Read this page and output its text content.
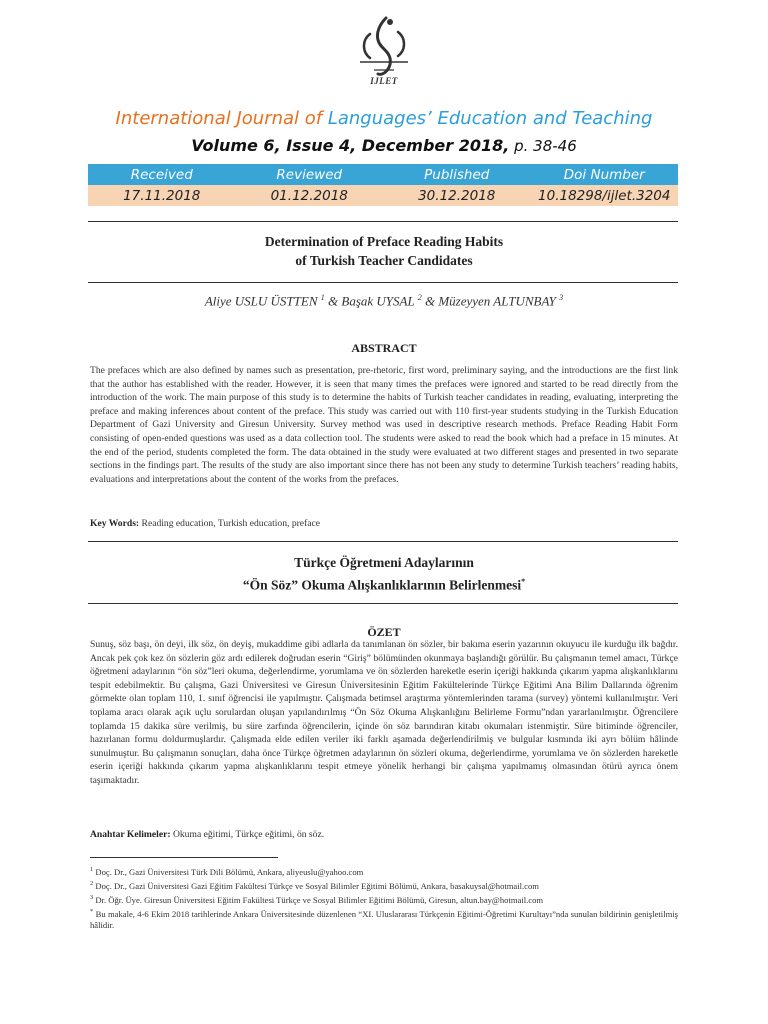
IJLET
International Journal of Languages’ Education and Teaching
Volume 6, Issue 4, December 2018, p. 38-46
Received	Reviewed	Published	Doi Number
17.11.2018	01.12.2018	30.12.2018	10.18298/ijlet.3204
Determination of Preface Reading Habits
of Turkish Teacher Candidates
Aliye USLU ÜSTTEN $^1$ & Başak UYSAL $^2$ & Müzeyyen ALTUNBAY $^3$
ABSTRACT
The prefaces which are also defined by names such as presentation, pre-rhetoric, first word, preliminary saying, and the introductions are the first link that the author has established with the reader. However, it is seen that many times the prefaces were ignored and started to be read directly from the introduction of the work. The main purpose of this study is to determine the habits of Turkish teacher candidates in reading, evaluating, interpreting the preface and making inferences about content of the preface. This study was carried out with 110 first-year students studying in the Turkish Education Department of Gazi University and Giresun University. Survey method was used in descriptive research methods. Preface Reading Habit Form consisting of open-ended questions was used as a data collection tool. The students were asked to read the book which had a preface in 15 minutes. At the end of the period, students completed the form. The data obtained in the study were evaluated at two different stages and presented in two separate sections in the findings part. The results of the study are also important since there has not been any study to determine Turkish teachers’ reading habits, evaluations and interpretations about the content of the works from the prefaces.
Key Words: Reading education, Turkish education, preface
Türkçe Öğretmeni Adaylarının
“Ön Söz” Okuma Alışkanlıklarının Belirlenmesi*
ÖZET
Sunuş, söz başı, ön deyi, ilk söz, ön deyiş, mukaddime gibi adlarla da tanımlanan ön sözler, bir bakıma eserin yazarının okuyucu ile kurduğu ilk bağdır. Ancak pek çok kez ön sözlerin göz ardı edilerek doğrudan eserin “Giriş” bölümünden okunmaya başlandığı görülür. Bu çalışmanın temel amacı, Türkçe öğretmeni adaylarının “ön söz”leri okuma, değerlendirme, yorumlama ve ön sözlerden hareketle eserin içeriği hakkında çıkarım yapma alışkanlıklarını tespit edebilmektir. Bu çalışma, Gazi Üniversitesi ve Giresun Üniversitesinin Eğitim Fakültelerinde Türkçe Eğitimi Ana Bilim Dallarında öğrenim görmekte olan toplam 110, 1. sınıf öğrencisi ile yapılmıştır. Çalışmada betimsel araştırma yöntemlerinden tarama (survey) yöntemi kullanılmıştır. Veri toplama aracı olarak açık uçlu sorulardan oluşan yapılandırılmış “Ön Söz Okuma Alışkanlığını Belirleme Formu”ndan yararlanılmıştır. Öğrencilere toplamda 15 dakika süre verilmiş, bu süre zarfında öğrencilerin, içinde ön söz barındıran kitabı okumaları istenmiştir. Süre bitiminde öğrenciler, hazırlanan formu doldurmuşlardır. Çalışmada elde edilen veriler iki farklı aşamada değerlendirilmiş ve bulgular kısmında iki ayrı bölüm hâlinde sunulmuştur. Bu çalışmanın sonuçları, daha önce Türkçe öğretmen adaylarının ön sözleri okuma, değerlendirme, yorumlama ve ön sözlerden hareketle eserin içeriği hakkında çıkarım yapma alışkanlıklarını tespit etmeye yönelik herhangi bir çalışma yapılmamış olmasından ötürü ayrıca önem taşımaktadır.
Anahtar Kelimeler: Okuma eğitimi, Türkçe eğitimi, ön söz.
$^1$ Doç. Dr., Gazi Üniversitesi Türk Dili Bölümü, Ankara, aliyeuslu@yahoo.com
$^2$ Doç. Dr., Gazi Üniversitesi Gazi Eğitim Fakültesi Türkçe ve Sosyal Bilimler Eğitimi Bölümü, Ankara, basakuysal@hotmail.com
$^3$ Dr. Öğr. Üye. Giresun Üniversitesi Eğitim Fakültesi Türkçe ve Sosyal Bilimler Eğitimi Bölümü, Giresun, altun.bay@hotmail.com
* Bu makale, 4-6 Ekim 2018 tarihlerinde Ankara Üniversitesinde düzenlenen “XI. Uluslararası Türkçenin Eğitimi-Öğretimi Kurultayı”nda sunulan bildirinin genişletilmiş hâlidir.
